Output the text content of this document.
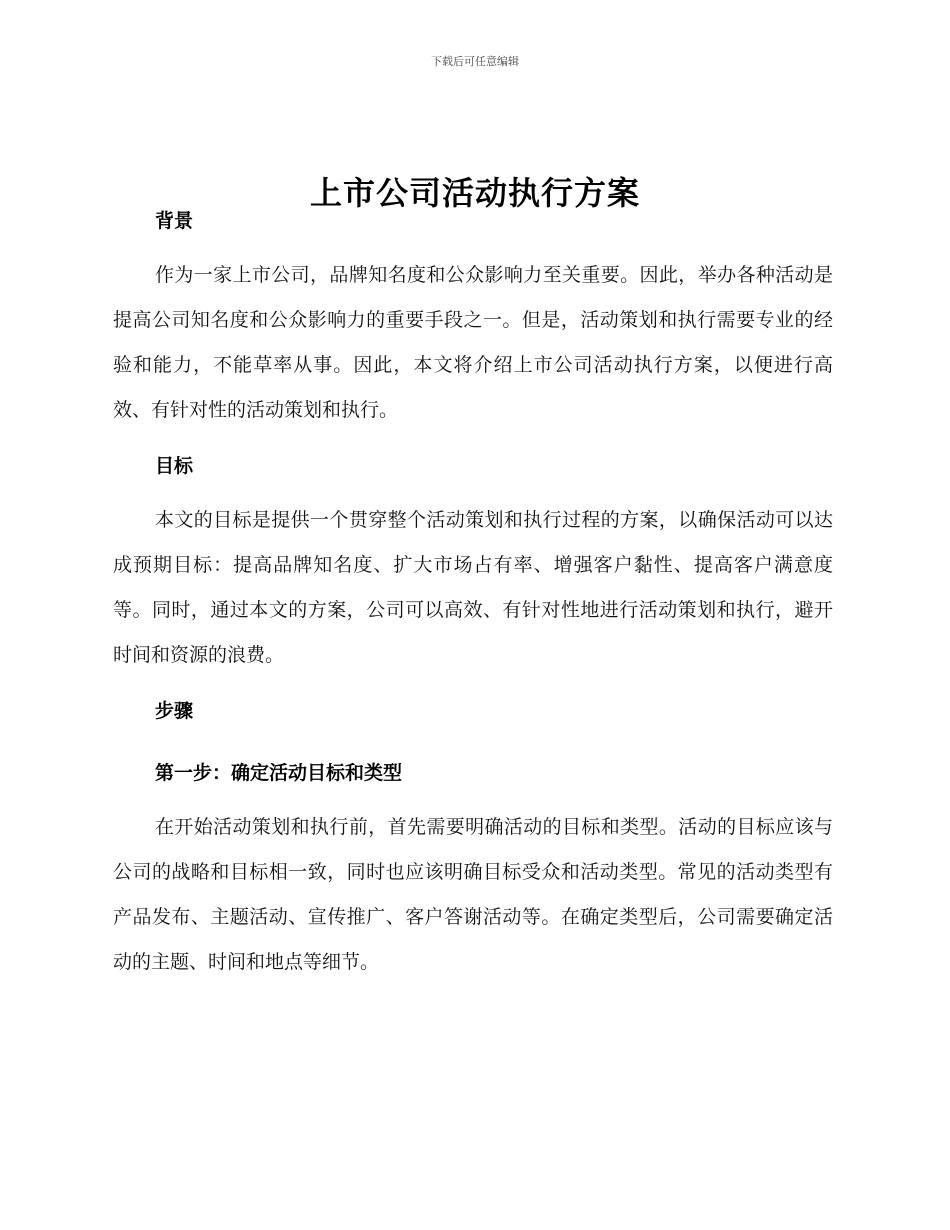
下载后可任意编辑
上市公司活动执行方案
背景

作为一家上市公司，品牌知名度和公众影响力至关重要。因此，举办各种活动是提高公司知名度和公众影响力的重要手段之一。但是，活动策划和执行需要专业的经验和能力，不能草率从事。因此，本文将介绍上市公司活动执行方案，以便进行高效、有针对性的活动策划和执行。

目标

本文的目标是提供一个贯穿整个活动策划和执行过程的方案，以确保活动可以达成预期目标：提高品牌知名度、扩大市场占有率、增强客户黏性、提高客户满意度等。同时，通过本文的方案，公司可以高效、有针对性地进行活动策划和执行，避开时间和资源的浪费。

步骤
第一步：确定活动目标和类型

在开始活动策划和执行前，首先需要明确活动的目标和类型。活动的目标应该与公司的战略和目标相一致，同时也应该明确目标受众和活动类型。常见的活动类型有产品发布、主题活动、宣传推广、客户答谢活动等。在确定类型后，公司需要确定活动的主题、时间和地点等细节。
